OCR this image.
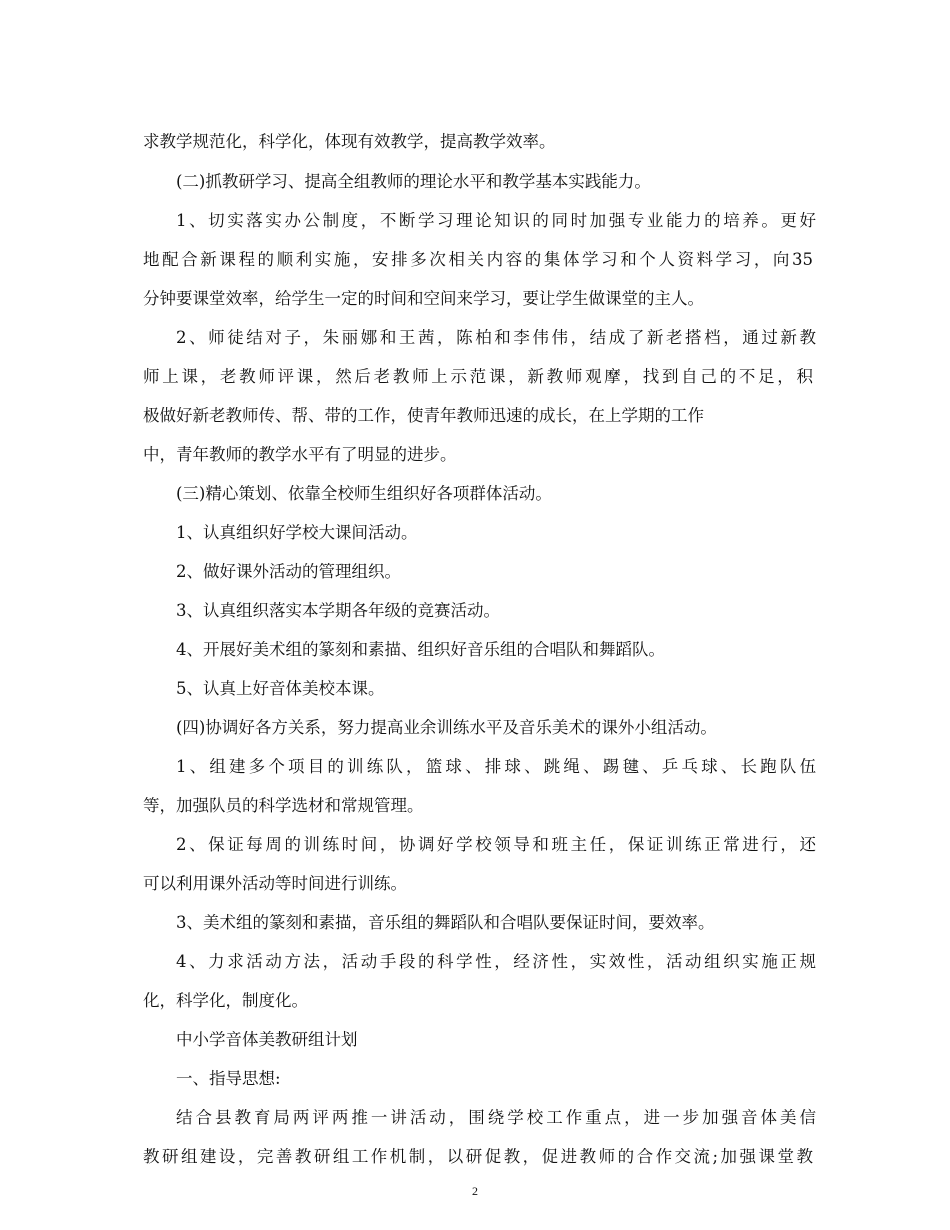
求教学规范化，科学化，体现有效教学，提高教学效率。
(二)抓教研学习、提高全组教师的理论水平和教学基本实践能力。
1、切实落实办公制度，不断学习理论知识的同时加强专业能力的培养。更好
地配合新课程的顺利实施，安排多次相关内容的集体学习和个人资料学习，向35
分钟要课堂效率，给学生一定的时间和空间来学习，要让学生做课堂的主人。
2、师徒结对子，朱丽娜和王茜，陈柏和李伟伟，结成了新老搭档，通过新教
师上课，老教师评课，然后老教师上示范课，新教师观摩，找到自己的不足，积
极做好新老教师传、帮、带的工作，使青年教师迅速的成长，在上学期的工作
中，青年教师的教学水平有了明显的进步。
(三)精心策划、依靠全校师生组织好各项群体活动。
1、认真组织好学校大课间活动。
2、做好课外活动的管理组织。
3、认真组织落实本学期各年级的竞赛活动。
4、开展好美术组的篆刻和素描、组织好音乐组的合唱队和舞蹈队。
5、认真上好音体美校本课。
(四)协调好各方关系，努力提高业余训练水平及音乐美术的课外小组活动。
1、组建多个项目的训练队，篮球、排球、跳绳、踢毽、乒乓球、长跑队伍
等，加强队员的科学选材和常规管理。
2、保证每周的训练时间，协调好学校领导和班主任，保证训练正常进行，还
可以利用课外活动等时间进行训练。
3、美术组的篆刻和素描，音乐组的舞蹈队和合唱队要保证时间，要效率。
4、力求活动方法，活动手段的科学性，经济性，实效性，活动组织实施正规
化，科学化，制度化。
中小学音体美教研组计划
一、指导思想:
结合县教育局两评两推一讲活动，围绕学校工作重点，进一步加强音体美信
教研组建设，完善教研组工作机制，以研促教，促进教师的合作交流;加强课堂教
2
